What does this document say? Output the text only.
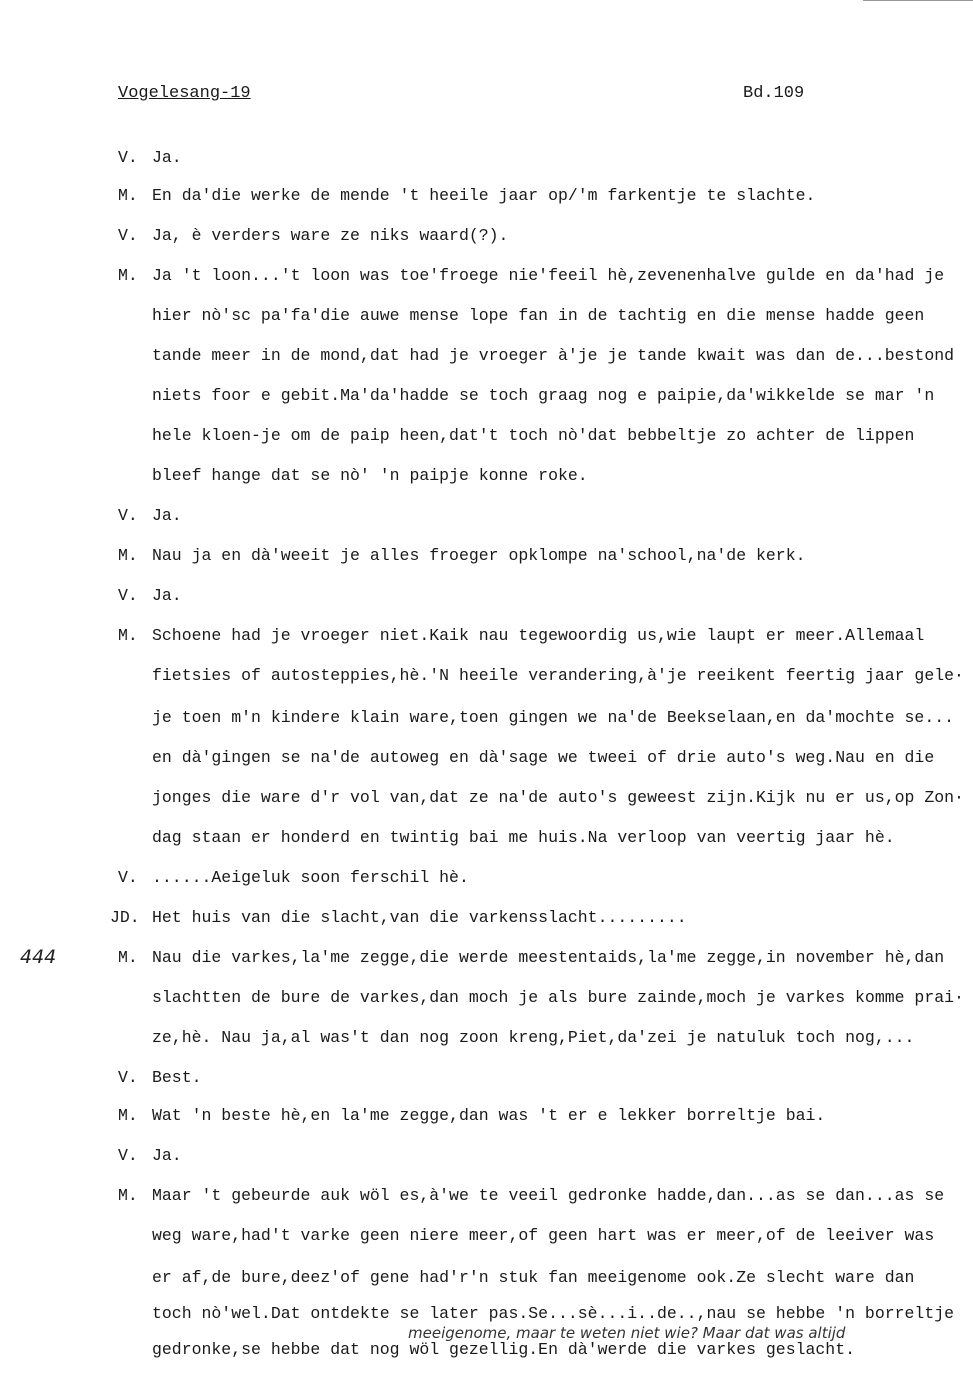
Vogelesang-19	Bd.109
444
V. Ja.
M. En da'die werke de mende 't heeile jaar op/'m farkentje te slachte.
V. Ja, è verders ware ze niks waard(?).
M. Ja 't loon...'t loon was toe'froege nie'feeil hè,zevenenhalve gulde en da'had je
hier nò'sc pa'fa'die auwe mense lope fan in de tachtig en die mense hadde geen
tande meer in de mond,dat had je vroeger à'je je tande kwait was dan de...bestond
niets foor e gebit.Ma'da'hadde se toch graag nog e paipie,da'wikkelde se mar 'n
hele kloen-je om de paip heen,dat't toch nò'dat bebbeltje zo achter de lippen
bleef hange dat se nò' 'n paipje konne roke.
V. Ja.
M. Nau ja en dà'weeit je alles froeger opklompe na'school,na'de kerk.
V. Ja.
M. Schoene had je vroeger niet.Kaik nau tegewoordig us,wie laupt er meer.Allemaal
fietsies of autosteppies,hè.'N heeile verandering,à'je reeikent feertig jaar gele·
je toen m'n kindere klain ware,toen gingen we na'de Beekselaan,en da'mochte se...
en dà'gingen se na'de autoweg en dà'sage we tweei of drie auto's weg.Nau en die
jonges die ware d'r vol van,dat ze na'de auto's geweest zijn.Kijk nu er us,op Zon·
dag staan er honderd en twintig bai me huis.Na verloop van veertig jaar hè.
V. ......Aeigeluk soon ferschil hè.
JD. Het huis van die slacht,van die varkensslacht.........
M. Nau die varkes,la'me zegge,die werde meestentaids,la'me zegge,in november hè,dan
slachtten de bure de varkes,dan moch je als bure zainde,moch je varkes komme prai·
ze,hè. Nau ja,al was't dan nog zoon kreng,Piet,da'zei je natuluk toch nog,...
V. Best.
M. Wat 'n beste hè,en la'me zegge,dan was 't er e lekker borreltje bai.
V. Ja.
M. Maar 't gebeurde auk wöl es,à'we te veeil gedronke hadde,dan...as se dan...as se
weg ware,had't varke geen niere meer,of geen hart was er meer,of de leeiver was
er af,de bure,deez'of gene had'r'n stuk fan meeigenome ook.Ze slecht ware dan
toch nò'wel.Dat ontdekte se later pas.Se...sè...i..de..,nau se hebbe 'n borreltje
gedronke,se hebbe dat nog wöl gezellig.En dà'werde die varkes geslacht.
meeigenome, maar te weten niet wie? Maar dat was altijd
